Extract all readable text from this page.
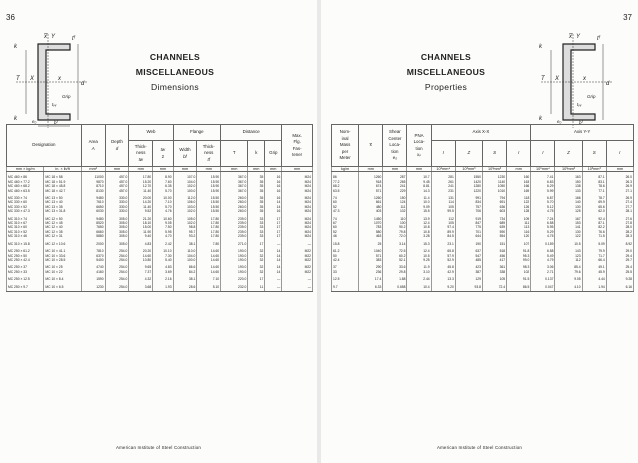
36
k
x̅ Y	tᶠ
T X	x
d
Grip
tᵥᵥ
e₀	bᶠ
k
CHANNELS
MISCELLANEOUS
Dimensions
Designation		Area
A	Depth
d	Web		Flange		Distance			Max.
Flg.
Fas-
tener
				Thick-
ness
tw	tw
2	Width
bf	Thick-
ness
tf	T	k	Grip	
mm × kg/m	in. × lb/ft	mm²	mm	mm	mm	mm	mm	mm	mm	mm	mm
MC 460 × 86	MC 18 × 58	11000	457.0	17.80	8.90	107.0	15.90	367.0	35	16	M24
MC 460 × 77.2	MC 18 × 51.9	9870	457.0	15.20	7.60	104.0	15.90	367.0	35	16	M24
MC 460 × 68.2	MC 18 × 45.8	8710	457.0	12.70	6.35	102.0	15.90	367.0	35	16	M24
MC 460 × 63.5	MC 18 × 42.7	8130	457.0	11.40	5.70	100.0	15.90	367.0	35	16	M24
MC 330 × 74	MC 13 × 50	9480	330.0	20.00	10.00	112.0	15.50	260.0	35	16	M24
MC 330 × 60	MC 13 × 40	7610	330.0	14.20	7.10	106.0	15.50	260.0	35	14	M24
MC 330 × 52	MC 13 × 35	6650	330.0	11.40	5.70	103.0	15.50	260.0	35	14	M24
MC 330 × 47.3	MC 13 × 31.8	6030	330.0	9.52	4.76	102.0	15.50	260.0	35	16	M24
MC 310 × 74	MC 12 × 50	9480	305.0	21.20	10.60	105.0	17.80	239.0	33	17	M24
MC 310 × 67	MC 12 × 45	8520	305.0	18.10	9.05	102.0	17.80	239.0	33	17	M24
MC 310 × 60	MC 12 × 40	7650	305.0	15.00	7.50	98.8	17.80	239.0	33	17	M24
MC 310 × 52	MC 12 × 35	6660	305.0	11.90	5.95	95.7	17.80	239.0	33	17	M24
MC 310 × 46	MC 12 × 31	5880	305.0	9.40	4.70	93.2	17.80	239.0	33	17	M24
MC 310 × 15.8	MC 12 × 10.6	2000	305.0	4.83	2.42	38.1	7.80	271.0	17	—	—
MC 250 × 61.2	MC 10 × 41.1	7810	254.0	20.20	10.10	110.0	14.60	190.0	32	14	M22
MC 250 × 50	MC 10 × 33.6	6370	254.0	14.60	7.30	104.0	14.60	190.0	32	14	M22
MC 250 × 42.4	MC 10 × 28.5	5400	254.0	10.80	5.40	100.0	14.60	190.0	32	14	M22
MC 250 × 37	MC 10 × 25	4740	254.0	9.65	4.83	86.6	14.60	190.0	32	14	M22
MC 250 × 33	MC 10 × 22	4160	254.0	7.37	3.69	84.2	14.60	190.0	32	14	M22
MC 250 × 12.5	MC 10 × 8.4	1590	254.0	4.32	2.16	38.1	7.10	220.0	17	—	—
MC 250 × 9.7	MC 10 × 6.5	1230	254.0	3.68	1.93	28.6	5.10	232.0	11	—	—
American Institute of Steel Construction
37
CHANNELS
MISCELLANEOUS
Properties
k
x̅ Y	tᶠ
T X	x
d
Grip
tᵥᵥ
e₀	bᶠ
k
Nom-
inal
Mass
per
Meter	x̅	Shear
Center
Loca-
tion
e₀	PNA
Loca-
tion
xₚ	Axis X-X				Axis Y-Y			
				I	Z	S	r	I	Z	S	r
kg/m	mm	mm	mm	10⁶mm⁴	10³mm³	10³mm³	mm	10⁶mm⁴	10³mm³	10³mm³	mm
86	1260	287	10.7	281	1550	1230	160	7.41	163	87.1	26.0
77.2	918	265	9.45	261	1420	1140	163	6.83	150	83.1	26.3
68.2	674	241	8.81	241	1280	1050	166	6.29	138	78.6	26.9
63.5	571	229	14.3	231	1220	1010	169	5.99	133	77.1	27.1
74	1260	150	11.4	131	991	794	118	6.87	166	78.7	26.9
60	661	124	10.0	114	834	691	122	5.70	140	69.9	27.4
52	480	111	9.09	105	757	636	126	5.12	130	65.6	27.7
47.3	403	102	15.5	99.5	706	603	128	4.75	125	62.0	28.1
74	1450	110	13.9	112	919	734	109	7.24	167	92.4	27.6
67	1070	100	12.4	105	847	689	111	6.58	153	87.1	27.8
60	783	90.2	10.8	97.4	775	639	113	5.95	141	82.2	28.0
52	580	79.8	10.8	89.9	701	590	116	5.29	130	76.6	28.2
46	463	72.0	3.28	84.5	644	554	120	4.75	122	71.5	28.3
15.8	25	3.14	15.3	23.1	190	151	107	0.159	10.5	5.09	8.92
61.2	1040	72.5	12.4	65.8	637	518	91.8	6.58	143	79.9	29.0
50	571	60.2	10.5	57.9	547	456	95.3	5.49	123	71.7	29.4
42.4	383	52.1	9.25	52.9	485	417	99.0	4.79	112	66.4	29.7
37	290	33.6	11.9	45.8	423	361	98.3	3.06	85.4	49.1	25.4
33	236	29.8	3.10	42.9	387	338	102	2.71	79.6	45.9	25.5
12.5	17.4	1.88	2.44	13.3	129	105	91.5	0.137	9.05	4.44	9.28
9.7	6.33	0.658	10.4	9.20	93.8	72.4	86.5	0.047	4.10	1.94	6.16
American Institute of Steel Construction
